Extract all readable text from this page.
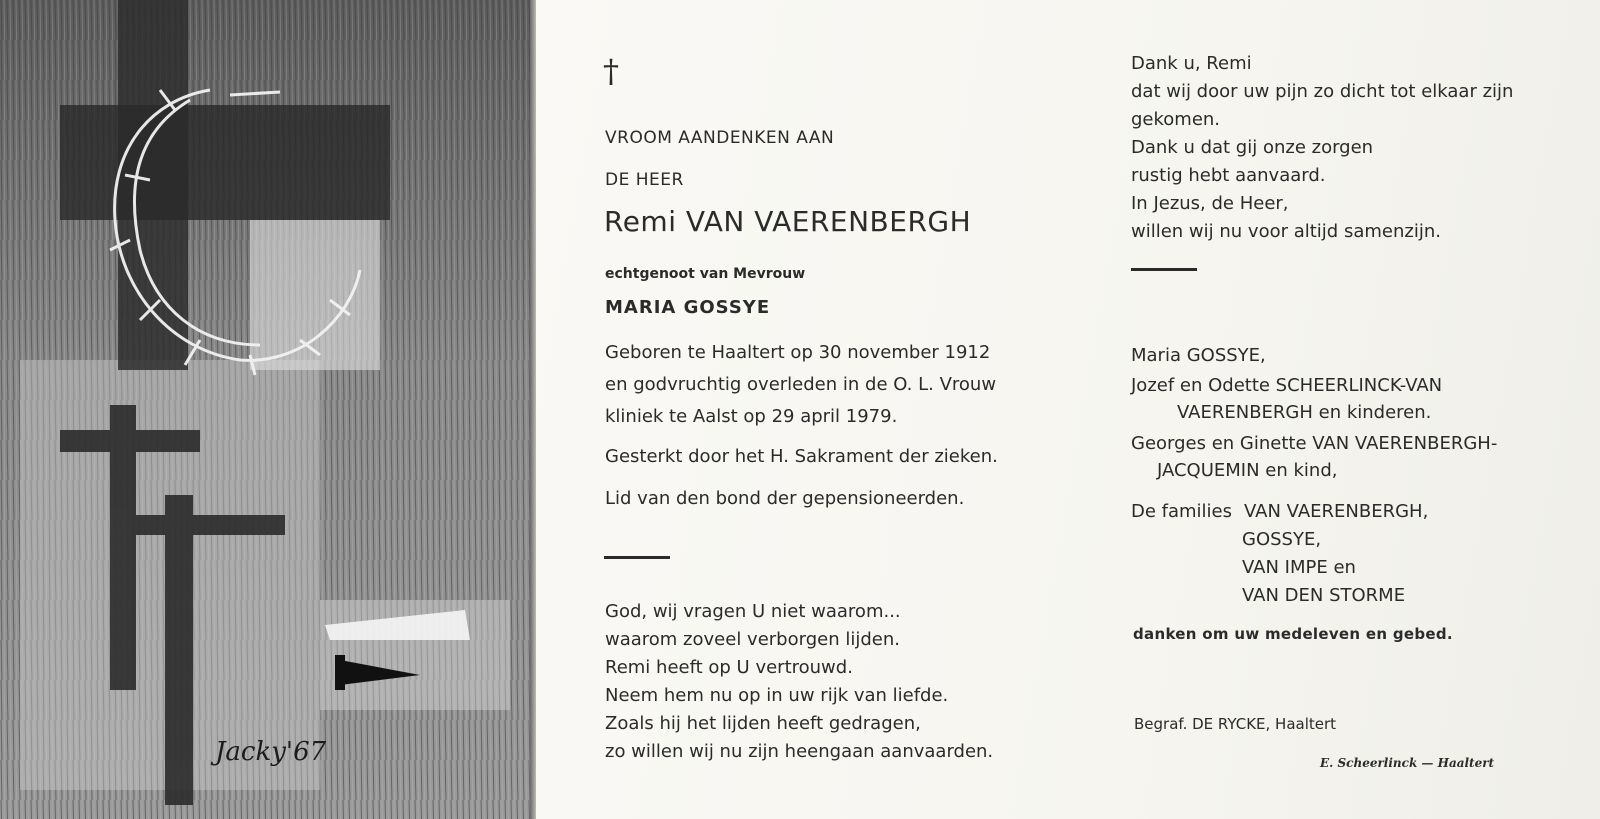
Jacky'67
†
VROOM AANDENKEN AAN
DE HEER
Remi VAN VAERENBERGH
echtgenoot van Mevrouw
MARIA GOSSYE
Geboren te Haaltert op 30 november 1912
en godvruchtig overleden in de O. L. Vrouw
kliniek te Aalst op 29 april 1979.
Gesterkt door het H. Sakrament der zieken.
Lid van den bond der gepensioneerden.
God, wij vragen U niet waarom...
waarom zoveel verborgen lijden.
Remi heeft op U vertrouwd.
Neem hem nu op in uw rijk van liefde.
Zoals hij het lijden heeft gedragen,
zo willen wij nu zijn heengaan aanvaarden.
Dank u, Remi
dat wij door uw pijn zo dicht tot elkaar zijn
gekomen.
Dank u dat gij onze zorgen
rustig hebt aanvaard.
In Jezus, de Heer,
willen wij nu voor altijd samenzijn.
Maria GOSSYE,
Jozef en Odette SCHEERLINCK-VAN
VAERENBERGH en kinderen.
Georges en Ginette VAN VAERENBERGH-
JACQUEMIN en kind,
De families VAN VAERENBERGH,
GOSSYE,
VAN IMPE en
VAN DEN STORME
danken om uw medeleven en gebed.
Begraf. DE RYCKE, Haaltert
E. Scheerlinck — Haaltert
